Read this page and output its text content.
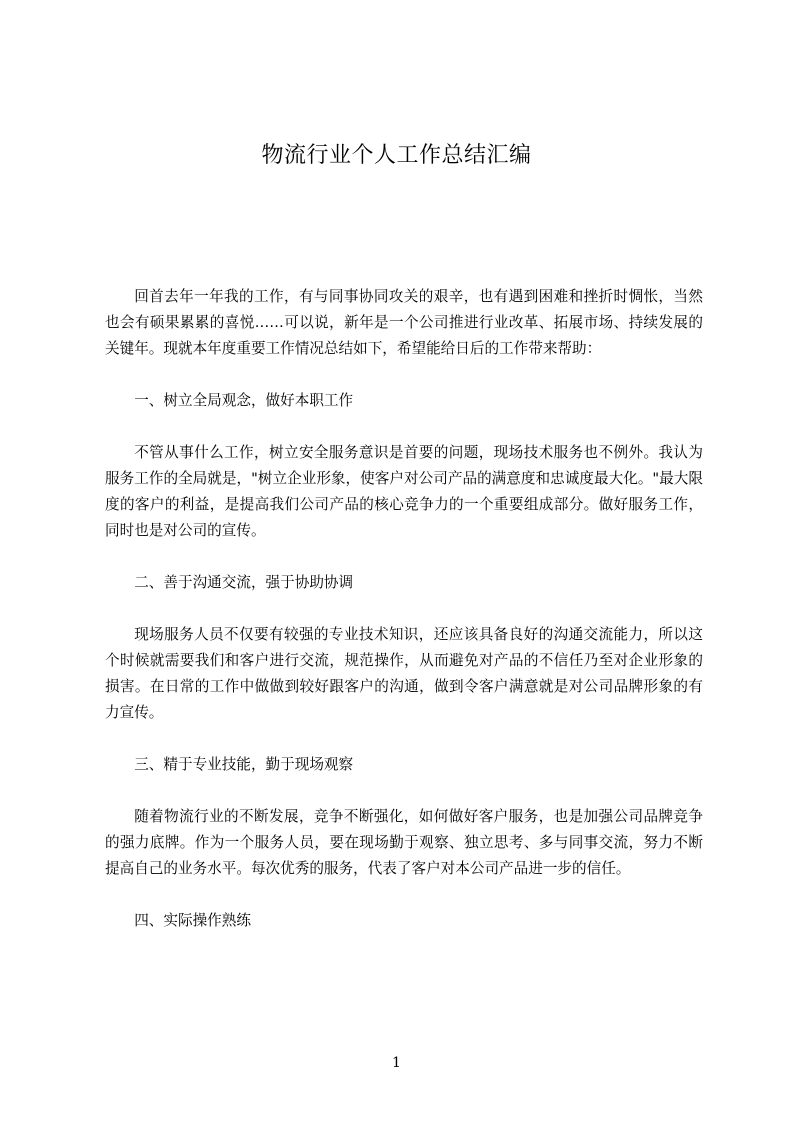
物流行业个人工作总结汇编

回首去年一年我的工作，有与同事协同攻关的艰辛，也有遇到困难和挫折时惆怅，当然也会有硕果累累的喜悦……可以说，新年是一个公司推进行业改革、拓展市场、持续发展的关键年。现就本年度重要工作情况总结如下，希望能给日后的工作带来帮助：

一、树立全局观念，做好本职工作

不管从事什么工作，树立安全服务意识是首要的问题，现场技术服务也不例外。我认为服务工作的全局就是，"树立企业形象，使客户对公司产品的满意度和忠诚度最大化。"最大限度的客户的利益，是提高我们公司产品的核心竞争力的一个重要组成部分。做好服务工作，同时也是对公司的宣传。

二、善于沟通交流，强于协助协调

现场服务人员不仅要有较强的专业技术知识，还应该具备良好的沟通交流能力，所以这个时候就需要我们和客户进行交流，规范操作，从而避免对产品的不信任乃至对企业形象的损害。在日常的工作中做做到较好跟客户的沟通，做到令客户满意就是对公司品牌形象的有力宣传。

三、精于专业技能，勤于现场观察

随着物流行业的不断发展，竞争不断强化，如何做好客户服务，也是加强公司品牌竞争的强力底牌。作为一个服务人员，要在现场勤于观察、独立思考、多与同事交流，努力不断提高自己的业务水平。每次优秀的服务，代表了客户对本公司产品进一步的信任。

四、实际操作熟练

1
